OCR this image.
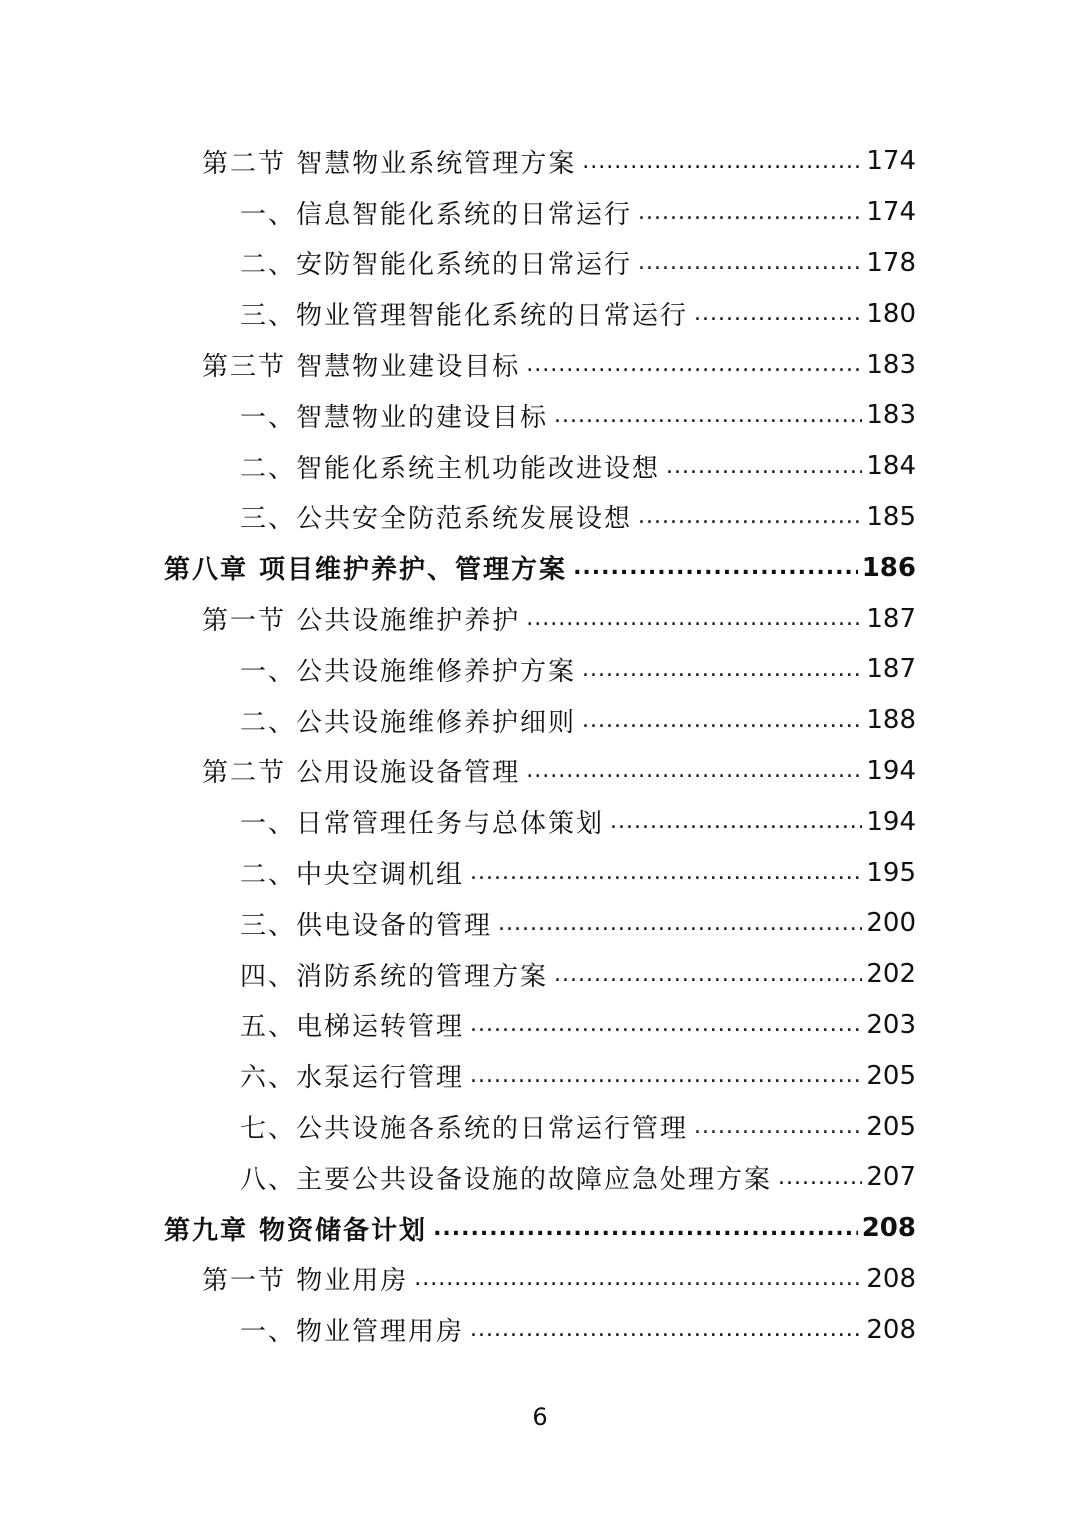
第二节 智慧物业系统管理方案 .....	174
一、信息智能化系统的日常运行 .....	174
二、安防智能化系统的日常运行 .....	178
三、物业管理智能化系统的日常运行 .....	180
第三节 智慧物业建设目标 .....	183
一、智慧物业的建设目标 .....	183
二、智能化系统主机功能改进设想 .....	184
三、公共安全防范系统发展设想 .....	185
第八章 项目维护养护、管理方案 .....	186
第一节 公共设施维护养护 .....	187
一、公共设施维修养护方案 .....	187
二、公共设施维修养护细则 .....	188
第二节 公用设施设备管理 .....	194
一、日常管理任务与总体策划 .....	194
二、中央空调机组 .....	195
三、供电设备的管理 .....	200
四、消防系统的管理方案 .....	202
五、电梯运转管理 .....	203
六、水泵运行管理 .....	205
七、公共设施各系统的日常运行管理 .....	205
八、主要公共设备设施的故障应急处理方案 .....	207
第九章 物资储备计划 .....	208
第一节 物业用房 .....	208
一、物业管理用房 .....	208
6
